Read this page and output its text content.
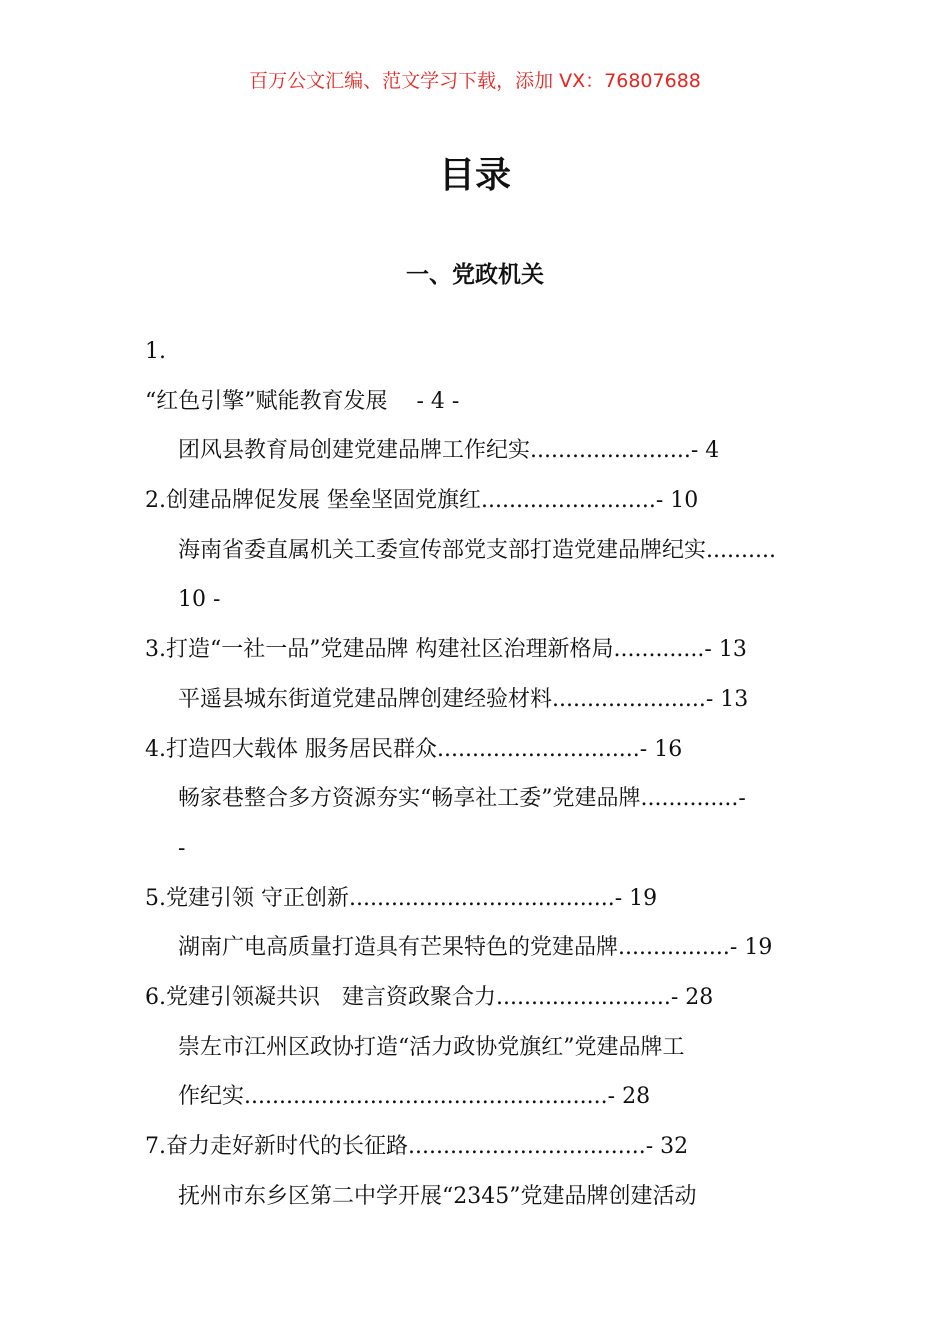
百万公文汇编、范文学习下载，添加 VX：76807688
目录
一、党政机关
1.
“红色引擎”赋能教育发展　 - 4 -
团风县教育局创建党建品牌工作纪实.......................- 4
2.创建品牌促发展 堡垒坚固党旗红.........................- 10
海南省委直属机关工委宣传部党支部打造党建品牌纪实..........
10 -
3.打造“一社一品”党建品牌 构建社区治理新格局.............- 13
平遥县城东街道党建品牌创建经验材料......................- 13
4.打造四大载体 服务居民群众.............................- 16
畅家巷整合多方资源夯实“畅享社工委”党建品牌..............-
-
5.党建引领 守正创新......................................- 19
湖南广电高质量打造具有芒果特色的党建品牌................- 19
6.党建引领凝共识　建言资政聚合力.........................- 28
崇左市江州区政协打造“活力政协党旗红”党建品牌工
作纪实....................................................- 28
7.奋力走好新时代的长征路..................................- 32
抚州市东乡区第二中学开展“2345”党建品牌创建活动
